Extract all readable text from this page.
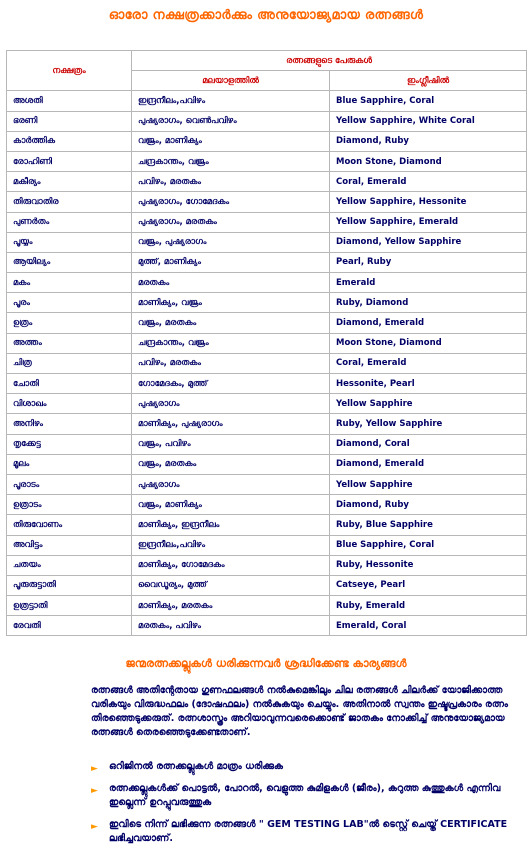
ഓരോ നക്ഷത്രക്കാർക്കും അനുയോജ്യമായ രത്നങ്ങൾ
നക്ഷത്രം	രത്നങ്ങളുടെ പേരുകൾ	
	മലയാളത്തിൽ	ഇംഗ്ലീഷിൽ
അശതി	ഇന്ദ്രനീലം,പവിഴം	Blue Sapphire, Coral
ഭരണി	പുഷ്യരാഗം, വെൺപവിഴം	Yellow Sapphire, White Coral
കാർത്തിക	വജ്രം, മാണിക്യം	Diamond, Ruby
രോഹിണി	ചന്ദ്രകാന്തം, വജ്രം	Moon Stone, Diamond
മകീര്യം	പവിഴം, മരതകം	Coral, Emerald
തിരുവാതിര	പുഷ്യരാഗം, ഗോമേദകം	Yellow Sapphire, Hessonite
പുണർതം	പുഷ്യരാഗം, മരതകം	Yellow Sapphire, Emerald
പൂയ്യം	വജ്രം, പുഷ്യരാഗം	Diamond, Yellow Sapphire
ആയില്യം	മുത്ത്, മാണിക്യം	Pearl, Ruby
മകം	മരതകം	Emerald
പൂരം	മാണിക്യം, വജ്രം	Ruby, Diamond
ഉത്രം	വജ്രം, മരതകം	Diamond, Emerald
അത്തം	ചന്ദ്രകാന്തം, വജ്രം	Moon Stone, Diamond
ചിത്ര	പവിഴം, മരതകം	Coral, Emerald
ചോതി	ഗോമേദകം, മുത്ത്	Hessonite, Pearl
വിശാഖം	പുഷ്യരാഗം	Yellow Sapphire
അനിഴം	മാണിക്യം, പുഷ്യരാഗം	Ruby, Yellow Sapphire
തൃക്കേട്ട	വജ്രം, പവിഴം	Diamond, Coral
മൂലം	വജ്രം, മരതകം	Diamond, Emerald
പൂരാടം	പുഷ്യരാഗം	Yellow Sapphire
ഉത്രാടം	വജ്രം, മാണിക്യം	Diamond, Ruby
തിരുവോണം	മാണിക്യം, ഇന്ദ്രനീലം	Ruby, Blue Sapphire
അവിട്ടം	ഇന്ദ്രനീലം,പവിഴം	Blue Sapphire, Coral
ചതയം	മാണിക്യം, ഗോമേദകം	Ruby, Hessonite
പൂരുരുട്ടാതി	വൈഡൂര്യം, മുത്ത്	Catseye, Pearl
ഉത്രട്ടാതി	മാണിക്യം, മരതകം	Ruby, Emerald
രേവതി	മരതകം, പവിഴം	Emerald, Coral
ജന്മരത്നക്കല്ലുകൾ ധരിക്കുന്നവർ ശ്രദ്ധിക്കേണ്ട കാര്യങ്ങൾ
രത്നങ്ങൾ അതിന്റേതായ ഗുണഫലങ്ങൾ നൽകുമെങ്കിലും ചില രത്നങ്ങൾ ചിലർക്ക് യോജിക്കാത്ത വരികയും വിരുദ്ധഫലം (ദോഷഫലം) നൽകുകയും ചെയ്യും. അതിനാൽ സ്വന്തം ഇഷ്ടപ്രകാരം രത്നം തിരഞ്ഞെടുക്കരുത്. രത്നശാസ്ത്രം അറിയാവുന്നവരെക്കൊണ്ട് ജാതകം നോക്കിച്ച് അനുയോജ്യമായ രത്നങ്ങൾ തെരഞ്ഞെടുക്കേണ്ടതാണ്.
► ഒറിജിനൽ രത്നക്കല്ലുകൾ മാത്രം ധരിക്കുക
► രത്നക്കല്ലുകൾക്ക് പൊട്ടൽ, പോറൽ, വെളുത്ത കുമിളകൾ (ജീരം), കറുത്ത കുത്തുകൾ എന്നിവ ഇല്ലെന്ന് ഉറപ്പുവരുത്തുക
► ഇവിടെ നിന്ന് ലഭിക്കുന്ന രത്നങ്ങൾ " GEM TESTING LAB"ൽ ടെസ്റ്റ് ചെയ്ത് CERTIFICATE ലഭിച്ചവയാണ്.
